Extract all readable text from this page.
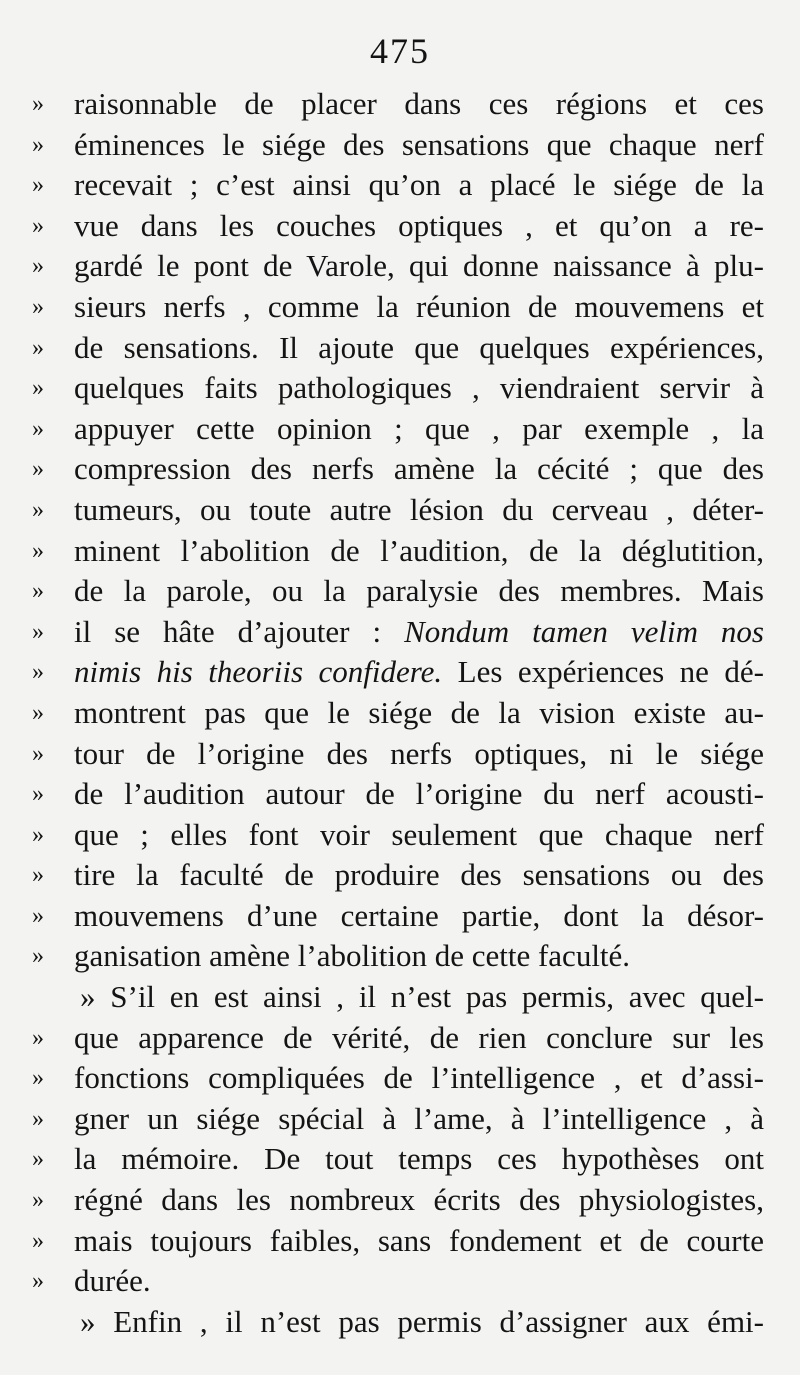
475
» raisonnable de placer dans ces régions et ces
» éminences le siége des sensations que chaque nerf
» recevait ; c’est ainsi qu’on a placé le siége de la
» vue dans les couches optiques , et qu’on a re-
» gardé le pont de Varole, qui donne naissance à plu-
» sieurs nerfs , comme la réunion de mouvemens et
» de sensations. Il ajoute que quelques expériences,
» quelques faits pathologiques , viendraient servir à
» appuyer cette opinion ; que , par exemple , la
» compression des nerfs amène la cécité ; que des
» tumeurs, ou toute autre lésion du cerveau , déter-
» minent l’abolition de l’audition, de la déglutition,
» de la parole, ou la paralysie des membres. Mais
» il se hâte d’ajouter : Nondum tamen velim nos
» nimis his theoriis confidere. Les expériences ne dé-
» montrent pas que le siége de la vision existe au-
» tour de l’origine des nerfs optiques, ni le siége
» de l’audition autour de l’origine du nerf acousti-
» que ; elles font voir seulement que chaque nerf
» tire la faculté de produire des sensations ou des
» mouvemens d’une certaine partie, dont la désor-
» ganisation amène l’abolition de cette faculté.
» S’il en est ainsi , il n’est pas permis, avec quel-
» que apparence de vérité, de rien conclure sur les
» fonctions compliquées de l’intelligence , et d’assi-
» gner un siége spécial à l’ame, à l’intelligence , à
» la mémoire. De tout temps ces hypothèses ont
» régné dans les nombreux écrits des physiologistes,
» mais toujours faibles, sans fondement et de courte
» durée.
» Enfin , il n’est pas permis d’assigner aux émi-
